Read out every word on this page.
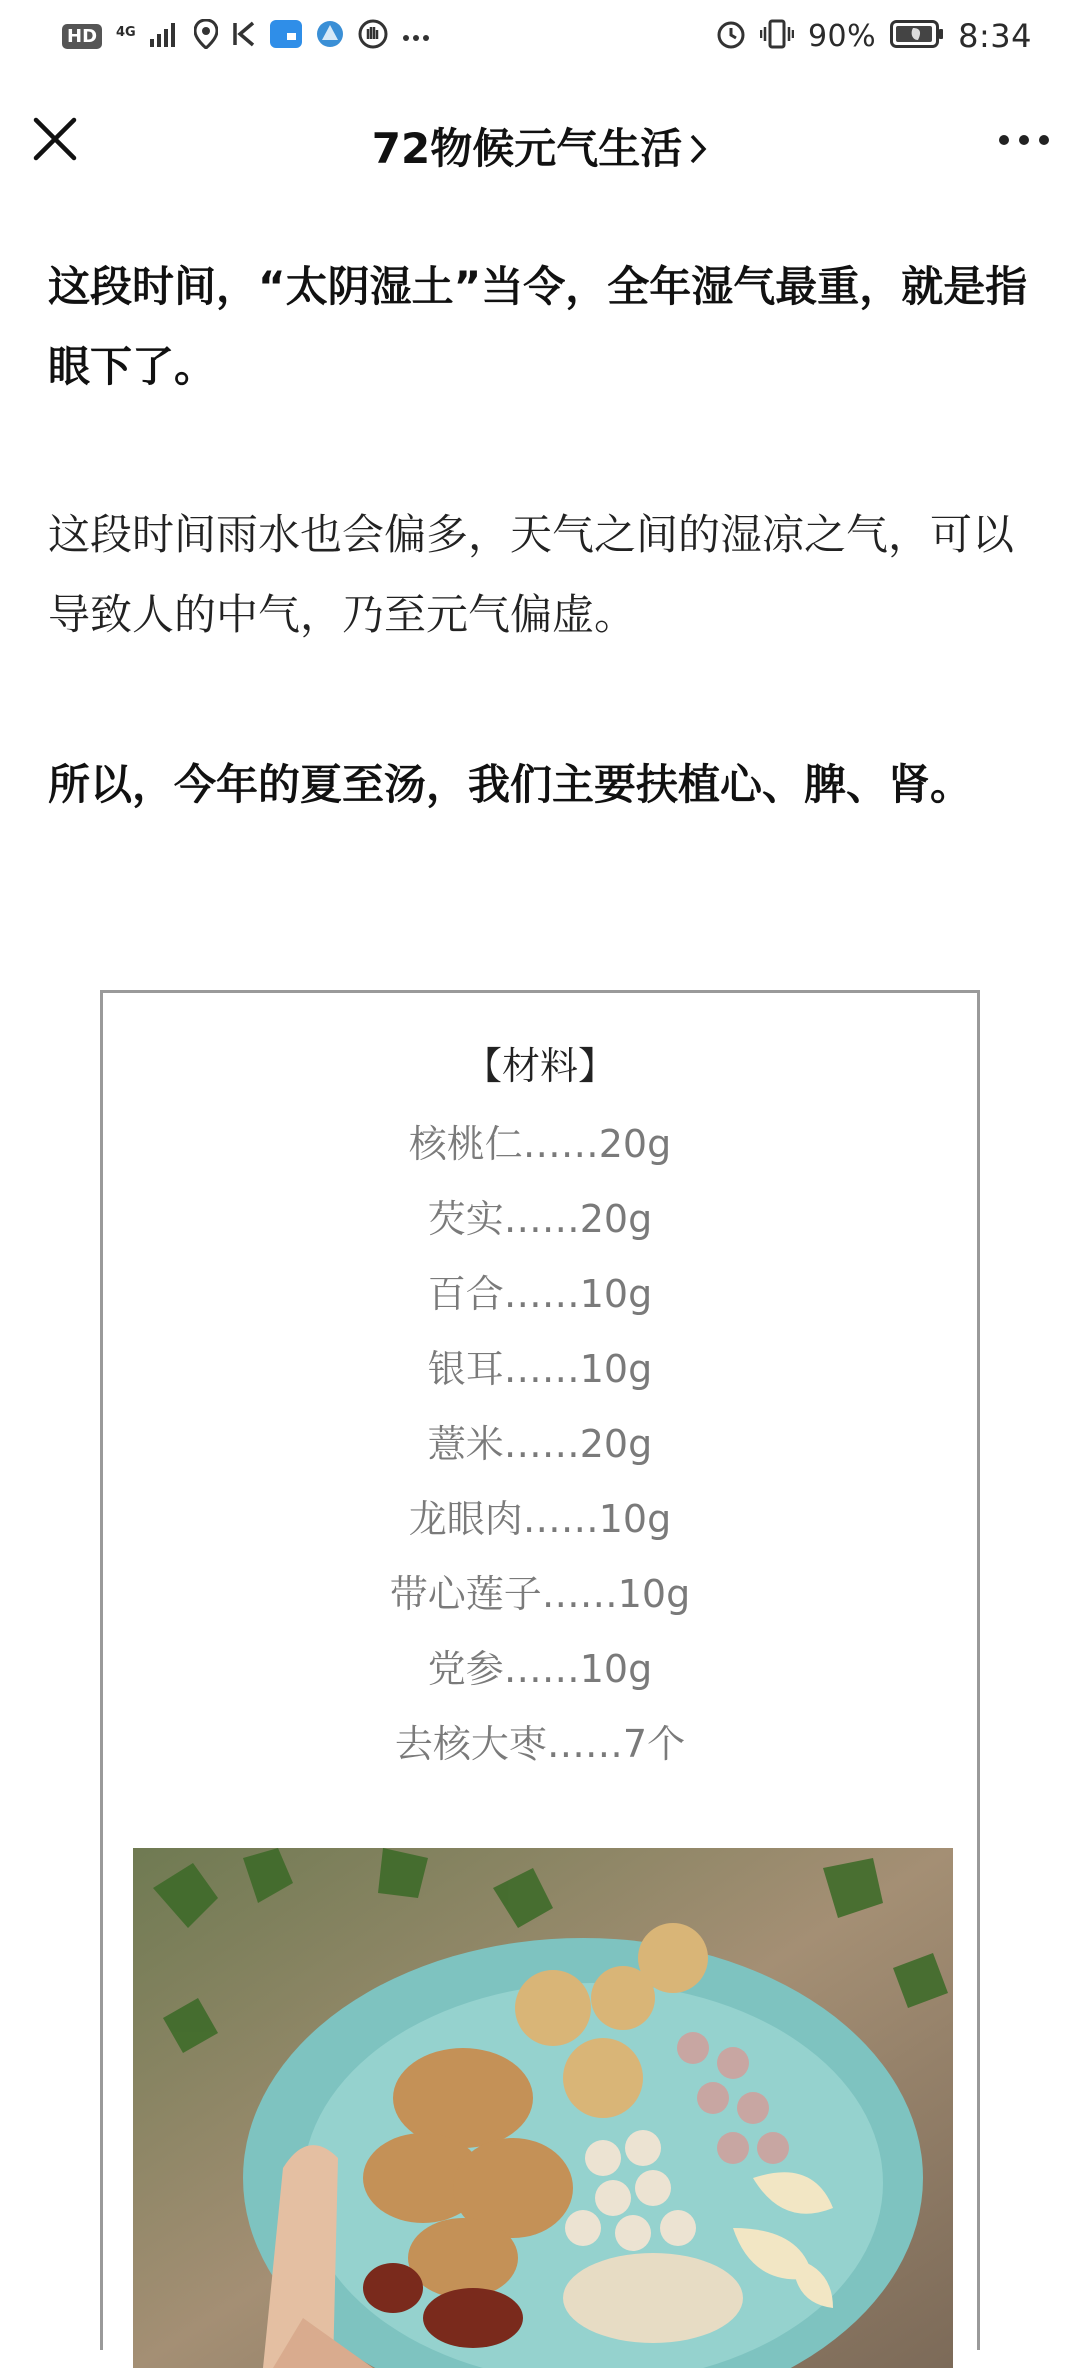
HD	4G	90%	8:34
72物候元气生活

这段时间，“太阴湿土”当令，全年湿气最重，就是指眼下了。

这段时间雨水也会偏多，天气之间的湿凉之气，可以导致人的中气，乃至元气偏虚。

所以，今年的夏至汤，我们主要扶植心、脾、肾。

【材料】
核桃仁……20g
芡实……20g
百合……10g
银耳……10g
薏米……20g
龙眼肉……10g
带心莲子……10g
党参……10g
去核大枣……7个
